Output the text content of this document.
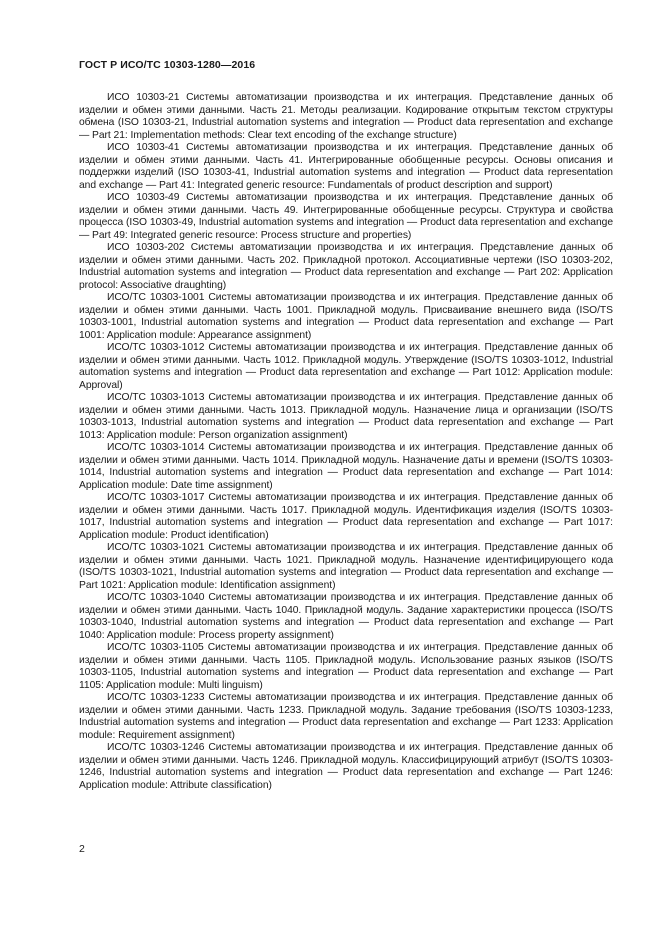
ГОСТ Р ИСО/ТС 10303-1280—2016

ИСО 10303-21 Системы автоматизации производства и их интеграция. Представление данных об изделии и обмен этими данными. Часть 21. Методы реализации. Кодирование открытым текстом структуры обмена (ISO 10303-21, Industrial automation systems and integration — Product data representation and exchange — Part 21: Implementation methods: Clear text encoding of the exchange structure)

ИСО 10303-41 Системы автоматизации производства и их интеграция. Представление данных об изделии и обмен этими данными. Часть 41. Интегрированные обобщенные ресурсы. Основы описания и поддержки изделий (ISO 10303-41, Industrial automation systems and integration — Product data representation and exchange — Part 41: Integrated generic resource: Fundamentals of product description and support)

ИСО 10303-49 Системы автоматизации производства и их интеграция. Представление данных об изделии и обмен этими данными. Часть 49. Интегрированные обобщенные ресурсы. Структура и свойства процесса (ISO 10303-49, Industrial automation systems and integration — Product data representation and exchange — Part 49: Integrated generic resource: Process structure and properties)

ИСО 10303-202 Системы автоматизации производства и их интеграция. Представление данных об изделии и обмен этими данными. Часть 202. Прикладной протокол. Ассоциативные чертежи (ISO 10303-202, Industrial automation systems and integration — Product data representation and exchange — Part 202: Application protocol: Associative draughting)

ИСО/ТС 10303-1001 Системы автоматизации производства и их интеграция. Представление данных об изделии и обмен этими данными. Часть 1001. Прикладной модуль. Присваивание внешнего вида (ISO/TS 10303-1001, Industrial automation systems and integration — Product data representation and exchange — Part 1001: Application module: Appearance assignment)

ИСО/ТС 10303-1012 Системы автоматизации производства и их интеграция. Представление данных об изделии и обмен этими данными. Часть 1012. Прикладной модуль. Утверждение (ISO/TS 10303-1012, Industrial automation systems and integration — Product data representation and exchange — Part 1012: Application module: Approval)

ИСО/ТС 10303-1013 Системы автоматизации производства и их интеграция. Представление данных об изделии и обмен этими данными. Часть 1013. Прикладной модуль. Назначение лица и организации (ISO/TS 10303-1013, Industrial automation systems and integration — Product data representation and exchange — Part 1013: Application module: Person organization assignment)

ИСО/ТС 10303-1014 Системы автоматизации производства и их интеграция. Представление данных об изделии и обмен этими данными. Часть 1014. Прикладной модуль. Назначение даты и времени (ISO/TS 10303-1014, Industrial automation systems and integration — Product data representation and exchange — Part 1014: Application module: Date time assignment)

ИСО/ТС 10303-1017 Системы автоматизации производства и их интеграция. Представление данных об изделии и обмен этими данными. Часть 1017. Прикладной модуль. Идентификация изделия (ISO/TS 10303-1017, Industrial automation systems and integration — Product data representation and exchange — Part 1017: Application module: Product identification)

ИСО/ТС 10303-1021 Системы автоматизации производства и их интеграция. Представление данных об изделии и обмен этими данными. Часть 1021. Прикладной модуль. Назначение идентифицирующего кода (ISO/TS 10303-1021, Industrial automation systems and integration — Product data representation and exchange — Part 1021: Application module: Identification assignment)

ИСО/ТС 10303-1040 Системы автоматизации производства и их интеграция. Представление данных об изделии и обмен этими данными. Часть 1040. Прикладной модуль. Задание характеристики процесса (ISO/TS 10303-1040, Industrial automation systems and integration — Product data representation and exchange — Part 1040: Application module: Process property assignment)

ИСО/ТС 10303-1105 Системы автоматизации производства и их интеграция. Представление данных об изделии и обмен этими данными. Часть 1105. Прикладной модуль. Использование разных языков (ISO/TS 10303-1105, Industrial automation systems and integration — Product data representation and exchange — Part 1105: Application module: Multi linguism)

ИСО/ТС 10303-1233 Системы автоматизации производства и их интеграция. Представление данных об изделии и обмен этими данными. Часть 1233. Прикладной модуль. Задание требования (ISO/TS 10303-1233, Industrial automation systems and integration — Product data representation and exchange — Part 1233: Application module: Requirement assignment)

ИСО/ТС 10303-1246 Системы автоматизации производства и их интеграция. Представление данных об изделии и обмен этими данными. Часть 1246. Прикладной модуль. Классифицирующий атрибут (ISO/TS 10303-1246, Industrial automation systems and integration — Product data representation and exchange — Part 1246: Application module: Attribute classification)

2
